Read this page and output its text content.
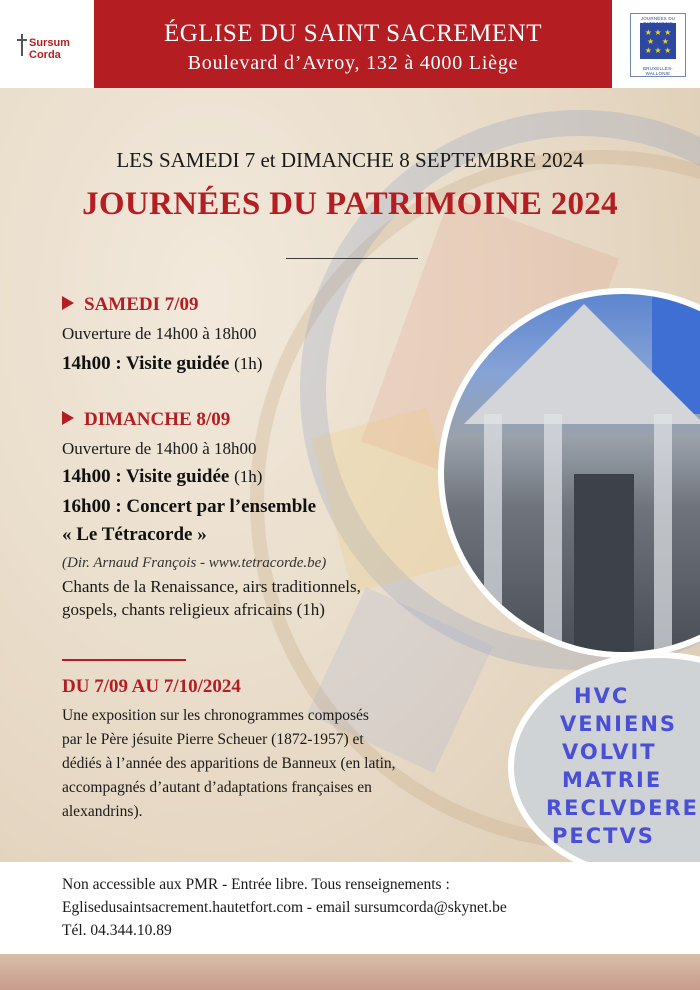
Sursum
Corda
ÉGLISE DU SAINT SACREMENT
Boulevard d’Avroy, 132 à 4000 Liège
JOURNÉES DU
★ ★ ★
★   ★
★ ★ ★
BRUXELLES-WALLONIE
LES SAMEDI 7 et DIMANCHE 8 SEPTEMBRE 2024
JOURNÉES DU PATRIMOINE 2024
SAMEDI 7/09
Ouverture de 14h00 à 18h00
14h00 : Visite guidée (1h)
DIMANCHE 8/09
Ouverture de 14h00 à 18h00
14h00 : Visite guidée (1h)
16h00 : Concert par l’ensemble
« Le Tétracorde »
(Dir. Arnaud François - www.tetracorde.be)
Chants de la Renaissance, airs traditionnels,
gospels, chants religieux africains (1h)
DU 7/09 AU 7/10/2024
Une exposition sur les chronogrammes composés
par le Père jésuite Pierre Scheuer (1872-1957) et
dédiés à l’année des apparitions de Banneux (en latin,
accompagnés d’autant d’adaptations françaises en
alexandrins).
HVC
VENIENS
VOLVIT
MATRIE
RECLVDERE
PECTVS
Non accessible aux PMR - Entrée libre. Tous renseignements :
Eglisedusaintsacrement.hautetfort.com - email sursumcorda@skynet.be
Tél. 04.344.10.89
